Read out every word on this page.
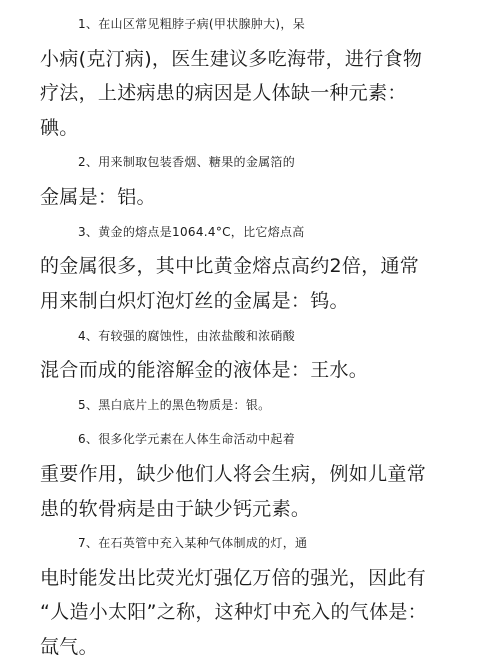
1、在山区常见粗脖子病(甲状腺肿大)，呆
小病(克汀病)，医生建议多吃海带，进行食物
疗法，上述病患的病因是人体缺一种元素：
碘。
2、用来制取包装香烟、糖果的金属箔的
金属是：铝。
3、黄金的熔点是1064.4°C，比它熔点高
的金属很多，其中比黄金熔点高约2倍，通常
用来制白炽灯泡灯丝的金属是：钨。
4、有较强的腐蚀性，由浓盐酸和浓硝酸
混合而成的能溶解金的液体是：王水。
5、黑白底片上的黑色物质是：银。
6、很多化学元素在人体生命活动中起着
重要作用，缺少他们人将会生病，例如儿童常
患的软骨病是由于缺少钙元素。
7、在石英管中充入某种气体制成的灯，通
电时能发出比荧光灯强亿万倍的强光，因此有
“人造小太阳”之称，这种灯中充入的气体是：
氙气。
